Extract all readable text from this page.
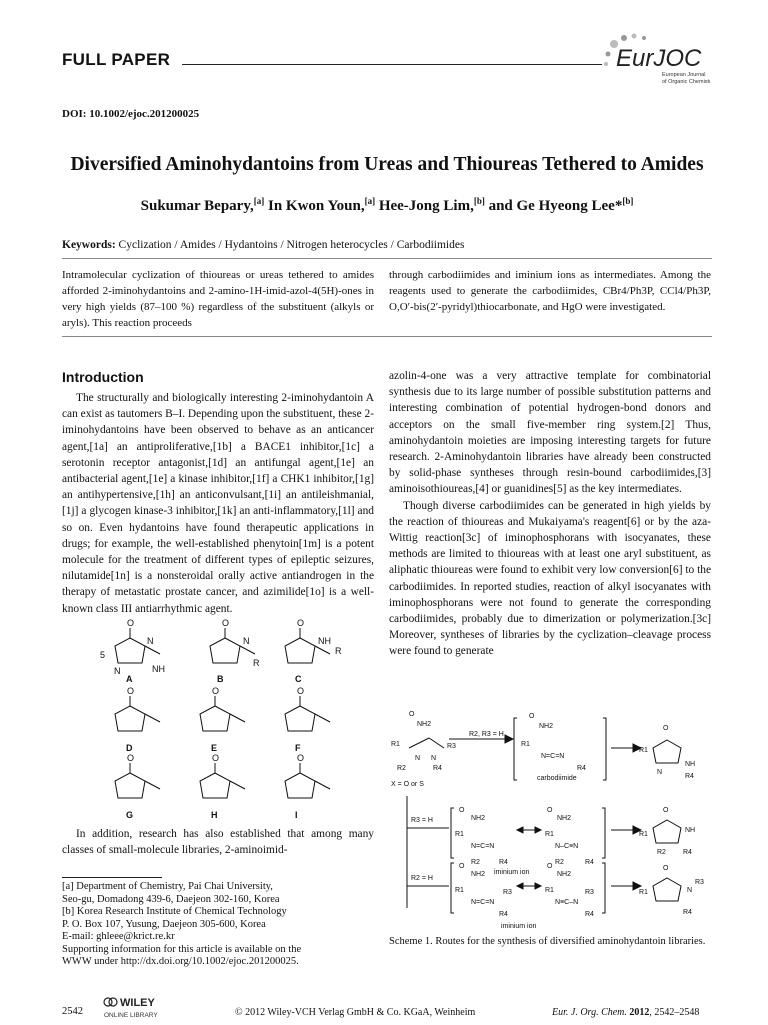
FULL PAPER	EurJOC
European Journal
of Organic Chemistry
DOI: 10.1002/ejoc.201200025
Diversified Aminohydantoins from Ureas and Thioureas Tethered to Amides
Sukumar Bepary,[a] In Kwon Youn,[a] Hee-Jong Lim,[b] and Ge Hyeong Lee*[b]
Keywords: Cyclization / Amides / Hydantoins / Nitrogen heterocycles / Carbodiimides
Intramolecular cyclization of thioureas or ureas tethered to amides afforded 2-iminohydantoins and 2-amino-1H-imid-azol-4(5H)-ones in very high yields (87–100 %) regardless of the substituent (alkyls or aryls). This reaction proceeds
through carbodiimides and iminium ions as intermediates. Among the reagents used to generate the carbodiimides, CBr4/Ph3P, CCl4/Ph3P, O,O′-bis(2′-pyridyl)thiocarbonate, and HgO were investigated.
Introduction

The structurally and biologically interesting 2-iminohydantoin A can exist as tautomers B–I. Depending upon the substituent, these 2-iminohydantoins have been observed to behave as an anticancer agent,[1a] an antiproliferative,[1b] a BACE1 inhibitor,[1c] a serotonin receptor antagonist,[1d] an antifungal agent,[1e] an antibacterial agent,[1e] a kinase inhibitor,[1f] a CHK1 inhibitor,[1g] an antihypertensive,[1h] an anticonvulsant,[1i] an antileishmanial,[1j] a glycogen kinase-3 inhibitor,[1k] an anti-inflammatory,[1l] and so on. Even hydantoins have found therapeutic applications in drugs; for example, the well-established phenytoin[1m] is a potent molecule for the treatment of different types of epileptic seizures, nilutamide[1n] is a nonsteroidal orally active antiandrogen in the therapy of metastatic prostate cancer, and azimilide[1o] is a well-known class III antiarrhythmic agent.

O	O	O
O	O	O
O	O	O
N
NH
5
N
N
R
NH
R
A	B	C
D	E	F
G	H	I

In addition, research has also established that among many classes of small-molecule libraries, 2-aminoimid-

azolin-4-one was a very attractive template for combinatorial synthesis due to its large number of possible substitution patterns and interesting combination of potential hydrogen-bond donors and acceptors on the small five-member ring system.[2] Thus, aminohydantoin moieties are imposing interesting targets for future research. 2-Aminohydantoin libraries have already been constructed by solid-phase syntheses through resin-bound carbodiimides,[3] aminoisothioureas,[4] or guanidines[5] as the key intermediates.

Though diverse carbodiimides can be generated in high yields by the reaction of thioureas and Mukaiyama's reagent[6] or by the aza-Wittig reaction[3c] of iminophosphorans with isocyanates, these methods are limited to thioureas with at least one aryl substituent, as aliphatic thioureas were found to exhibit very low conversion[6] to the carbodiimides. In reported studies, reaction of alkyl isocyanates with iminophosphorans were not found to generate the corresponding carbodiimides, probably due to dimerization or polymerization.[3c] Moreover, syntheses of libraries by the cyclization–cleavage process were found to generate

O
NH2
R1
N N
R3
R2	R4
R2, R3 = H
O
NH2
R1
N=C=N
R4
carbodiimide
O
NH
R1
R4
N
X = O or S
R3 = H
O
NH2
R1
N=C=N
R2	R4
O
NH2
R1
N–C≡N
R2	R4
iminium ion
O
NH
R1
R2 R4
R2 = H
O
NH2
R1
N=C=N
R3
R4
O
NH2
R1
N≡C–N
R3
R4
iminium ion
O
N
R3
R1
R4
Scheme 1. Routes for the synthesis of diversified aminohydantoin libraries.
[a] Department of Chemistry, Pai Chai University,
Seo-gu, Domadong 439-6, Daejeon 302-160, Korea
[b] Korea Research Institute of Chemical Technology
P. O. Box 107, Yusung, Daejeon 305-600, Korea
E-mail: ghleee@krict.re.kr
Supporting information for this article is available on the
WWW under http://dx.doi.org/10.1002/ejoc.201200025.
2542
WILEY
ONLINE LIBRARY	© 2012 Wiley-VCH Verlag GmbH & Co. KGaA, Weinheim	Eur. J. Org. Chem. 2012, 2542–2548
